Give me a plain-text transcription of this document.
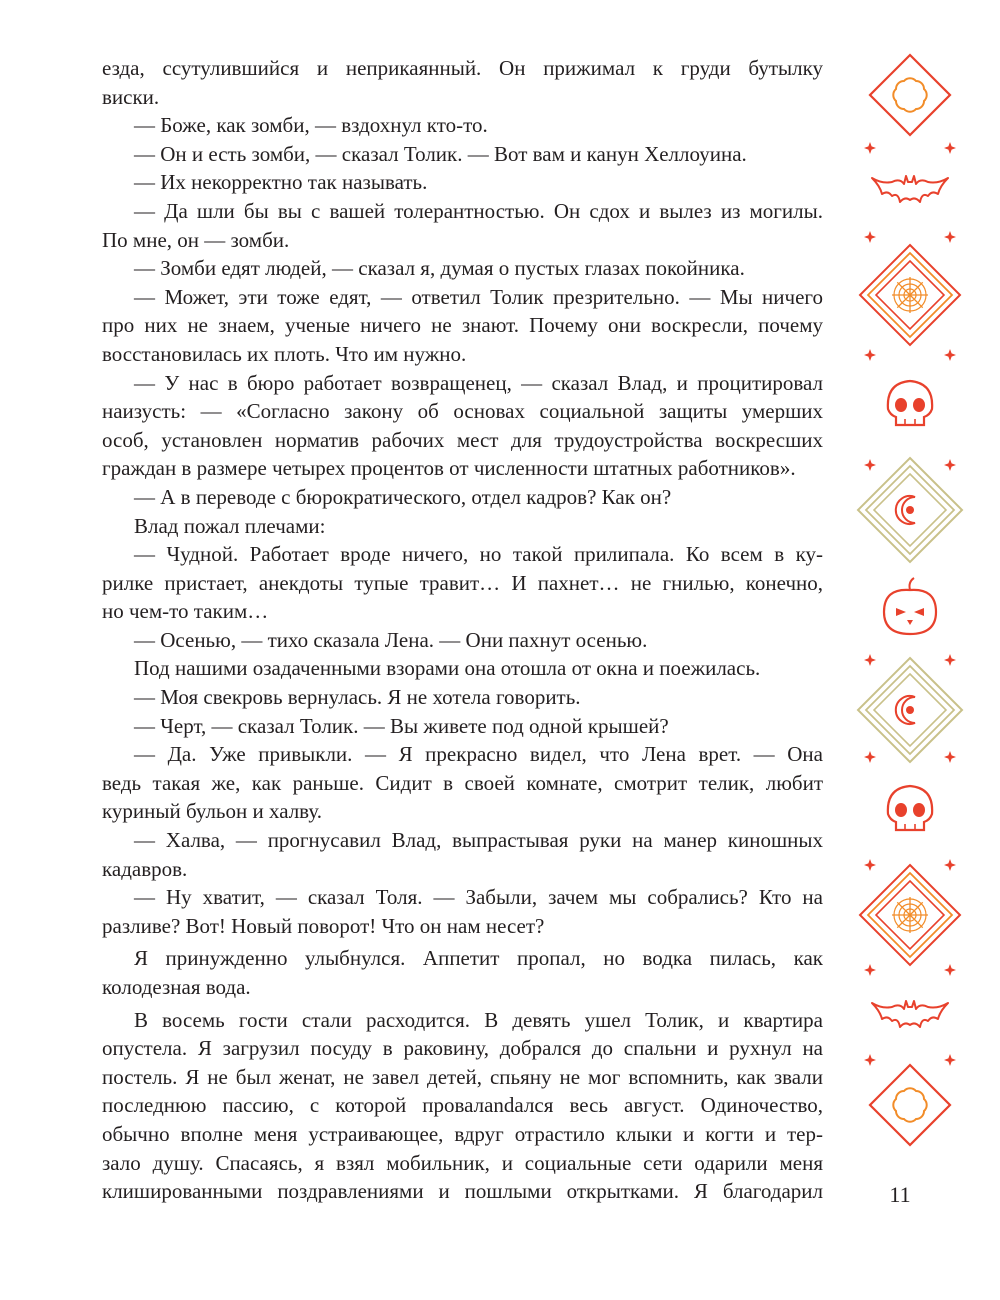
езда, ссутулившийся и неприкаянный. Он прижимал к груди бутылку
виски.
— Боже, как зомби, — вздохнул кто-то.
— Он и есть зомби, — сказал Толик. — Вот вам и канун Хеллоуина.
— Их некорректно так называть.
— Да шли бы вы с вашей толерантностью. Он сдох и вылез из могилы.
По мне, он — зомби.
— Зомби едят людей, — сказал я, думая о пустых глазах покойника.
— Может, эти тоже едят, — ответил Толик презрительно. — Мы ничего
про них не знаем, ученые ничего не знают. Почему они воскресли, почему
восстановилась их плоть. Что им нужно.
— У нас в бюро работает возвращенец, — сказал Влад, и процитировал
наизусть: — «Согласно закону об основах социальной защиты умерших
особ, установлен норматив рабочих мест для трудоустройства воскресших
граждан в размере четырех процентов от численности штатных работников».
— А в переводе с бюрократического, отдел кадров? Как он?
Влад пожал плечами:
— Чудной. Работает вроде ничего, но такой прилипала. Ко всем в ку-
рилке пристает, анекдоты тупые травит… И пахнет… не гнилью, конечно,
но чем-то таким…
— Осенью, — тихо сказала Лена. — Они пахнут осенью.
Под нашими озадаченными взорами она отошла от окна и поежилась.
— Моя свекровь вернулась. Я не хотела говорить.
— Черт, — сказал Толик. — Вы живете под одной крышей?
— Да. Уже привыкли. — Я прекрасно видел, что Лена врет. — Она
ведь такая же, как раньше. Сидит в своей комнате, смотрит телик, любит
куриный бульон и халву.
— Халва, — прогнусавил Влад, выпрастывая руки на манер киношных
кадавров.
— Ну хватит, — сказал Толя. — Забыли, зачем мы собрались? Кто на
разливе? Вот! Новый поворот! Что он нам несет?
Я принужденно улыбнулся. Аппетит пропал, но водка пилась, как
колодезная вода.
В восемь гости стали расходится. В девять ушел Толик, и квартира
опустела. Я загрузил посуду в раковину, добрался до спальни и рухнул на
постель. Я не был женат, не завел детей, спьяну не мог вспомнить, как звали
последнюю пассию, с которой провалandался весь август. Одиночество,
обычно вполне меня устраивающее, вдруг отрастило клыки и когти и тер-
зало душу. Спасаясь, я взял мобильник, и социальные сети одарили меня
клишированными поздравлениями и пошлыми открытками. Я благодарил	11
